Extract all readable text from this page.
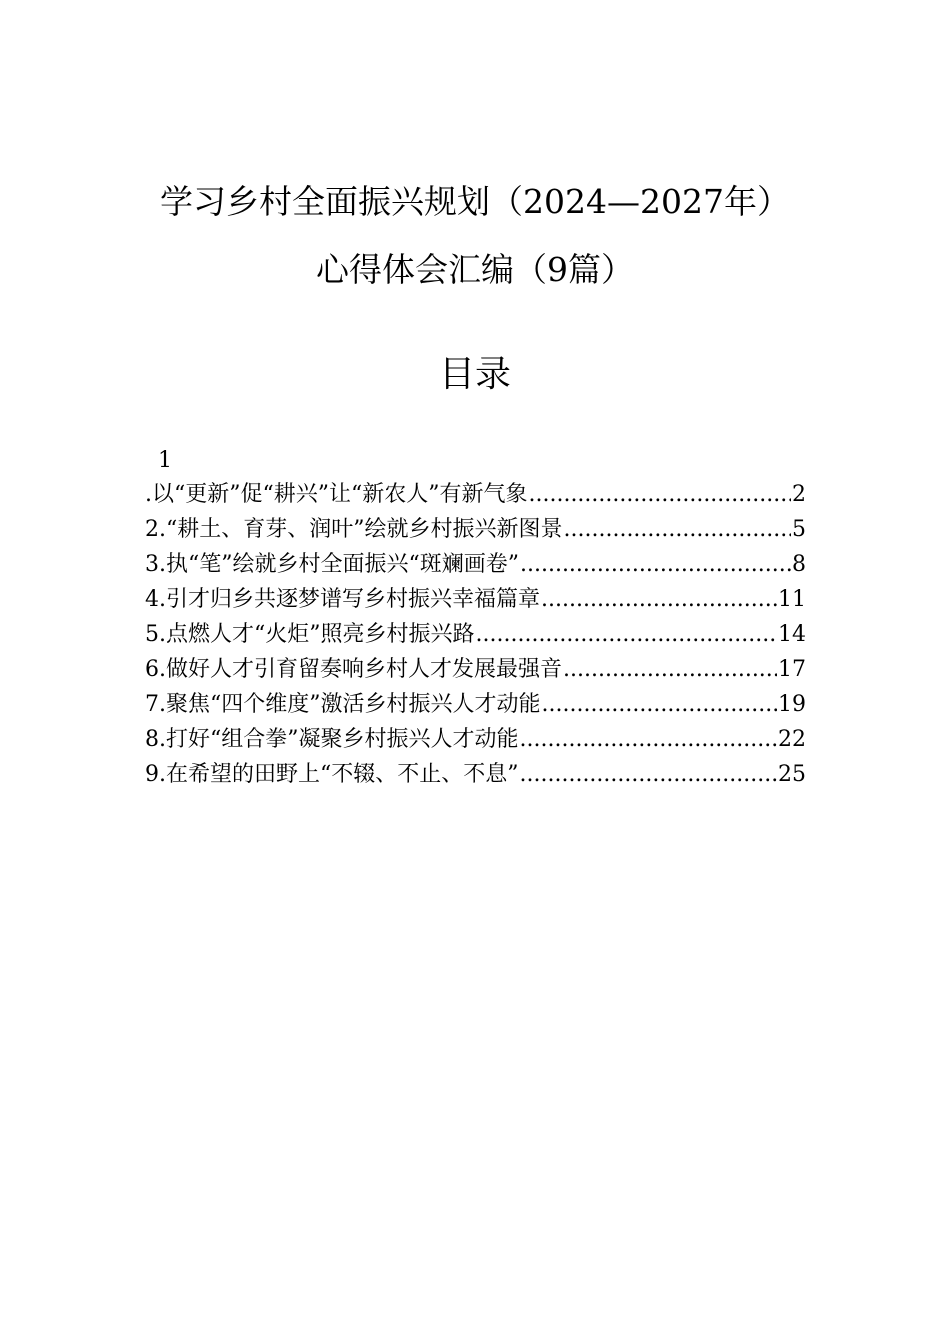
学习乡村全面振兴规划（2024—2027年）
心得体会汇编（9篇）
目录
1
.以“更新”促“耕兴”让“新农人”有新气象 .....	2
2.“耕土、育芽、润叶”绘就乡村振兴新图景 .....	5
3.执“笔”绘就乡村全面振兴“斑斓画卷” .....	8
4.引才归乡共逐梦谱写乡村振兴幸福篇章 .....	11
5.点燃人才“火炬”照亮乡村振兴路 .....	14
6.做好人才引育留奏响乡村人才发展最强音 .....	17
7.聚焦“四个维度”激活乡村振兴人才动能 .....	19
8.打好“组合拳”凝聚乡村振兴人才动能 .....	22
9.在希望的田野上“不辍、不止、不息” .....	25
